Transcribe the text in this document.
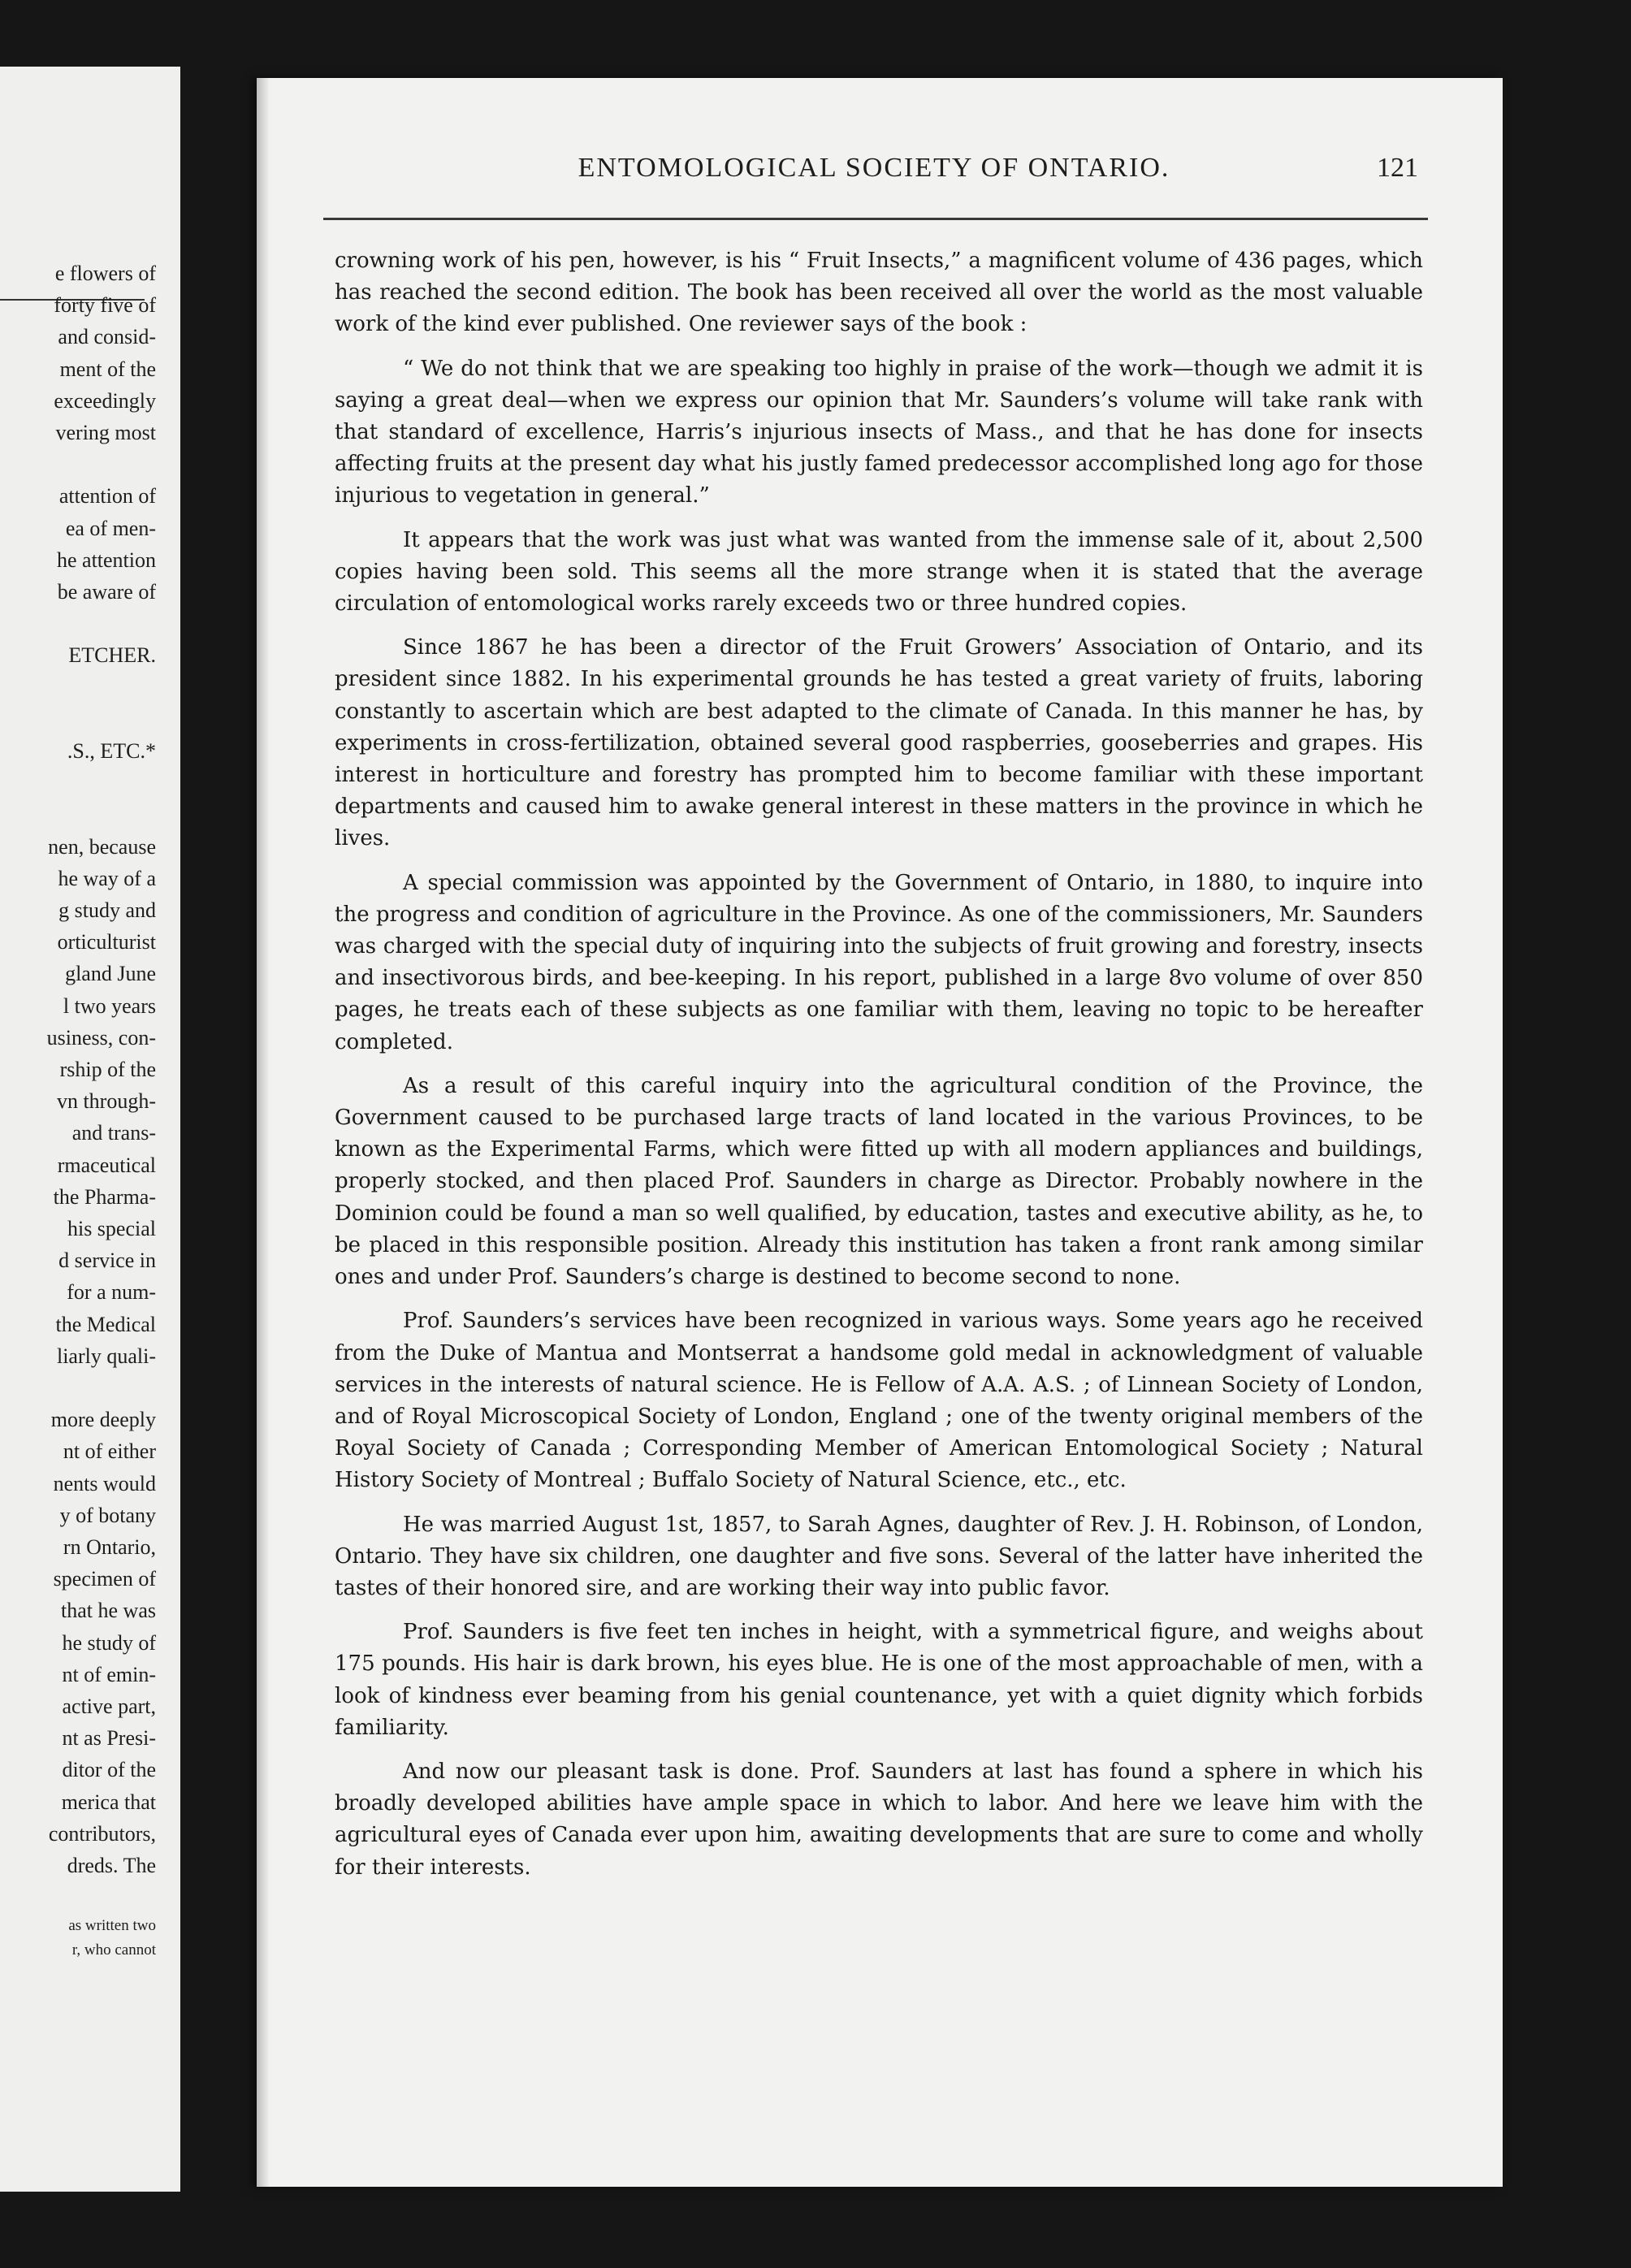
e flowers of
forty five of
and consid-
ment of the
exceedingly
vering most
attention of
ea of men-
he attention
be aware of
ETCHER.
.S., ETC.*
nen, because
he way of a
g study and
orticulturist
gland June
l two years
usiness, con-
rship of the
vn through-
and trans-
rmaceutical
the Pharma-
his special
d service in
for a num-
the Medical
liarly quali-
more deeply
nt of either
nents would
y of botany
rn Ontario,
specimen of
that he was
he study of
nt of emin-
active part,
nt as Presi-
ditor of the
merica that
contributors,
dreds. The
as written two
r, who cannot
ENTOMOLOGICAL SOCIETY OF ONTARIO.	121

crowning work of his pen, however, is his “ Fruit Insects,” a magnificent volume of 436 pages, which has reached the second edition. The book has been received all over the world as the most valuable work of the kind ever published. One reviewer says of the book :

“ We do not think that we are speaking too highly in praise of the work—though we admit it is saying a great deal—when we express our opinion that Mr. Saunders’s volume will take rank with that standard of excellence, Harris’s injurious insects of Mass., and that he has done for insects affecting fruits at the present day what his justly famed predecessor accomplished long ago for those injurious to vegetation in general.”

It appears that the work was just what was wanted from the immense sale of it, about 2,500 copies having been sold. This seems all the more strange when it is stated that the average circulation of entomological works rarely exceeds two or three hundred copies.

Since 1867 he has been a director of the Fruit Growers’ Association of Ontario, and its president since 1882. In his experimental grounds he has tested a great variety of fruits, laboring constantly to ascertain which are best adapted to the climate of Canada. In this manner he has, by experiments in cross-fertilization, obtained several good raspberries, gooseberries and grapes. His interest in horticulture and forestry has prompted him to become familiar with these important departments and caused him to awake general interest in these matters in the province in which he lives.

A special commission was appointed by the Government of Ontario, in 1880, to inquire into the progress and condition of agriculture in the Province. As one of the commissioners, Mr. Saunders was charged with the special duty of inquiring into the subjects of fruit growing and forestry, insects and insectivorous birds, and bee-keeping. In his report, published in a large 8vo volume of over 850 pages, he treats each of these subjects as one familiar with them, leaving no topic to be hereafter completed.

As a result of this careful inquiry into the agricultural condition of the Province, the Government caused to be purchased large tracts of land located in the various Provinces, to be known as the Experimental Farms, which were fitted up with all modern appliances and buildings, properly stocked, and then placed Prof. Saunders in charge as Director. Probably nowhere in the Dominion could be found a man so well qualified, by education, tastes and executive ability, as he, to be placed in this responsible position. Already this institution has taken a front rank among similar ones and under Prof. Saunders’s charge is destined to become second to none.

Prof. Saunders’s services have been recognized in various ways. Some years ago he received from the Duke of Mantua and Montserrat a handsome gold medal in acknowledgment of valuable services in the interests of natural science. He is Fellow of A.A. A.S. ; of Linnean Society of London, and of Royal Microscopical Society of London, England ; one of the twenty original members of the Royal Society of Canada ; Corresponding Member of American Entomological Society ; Natural History Society of Montreal ; Buffalo Society of Natural Science, etc., etc.

He was married August 1st, 1857, to Sarah Agnes, daughter of Rev. J. H. Robinson, of London, Ontario. They have six children, one daughter and five sons. Several of the latter have inherited the tastes of their honored sire, and are working their way into public favor.

Prof. Saunders is five feet ten inches in height, with a symmetrical figure, and weighs about 175 pounds. His hair is dark brown, his eyes blue. He is one of the most approachable of men, with a look of kindness ever beaming from his genial countenance, yet with a quiet dignity which forbids familiarity.

And now our pleasant task is done. Prof. Saunders at last has found a sphere in which his broadly developed abilities have ample space in which to labor. And here we leave him with the agricultural eyes of Canada ever upon him, awaiting developments that are sure to come and wholly for their interests.
